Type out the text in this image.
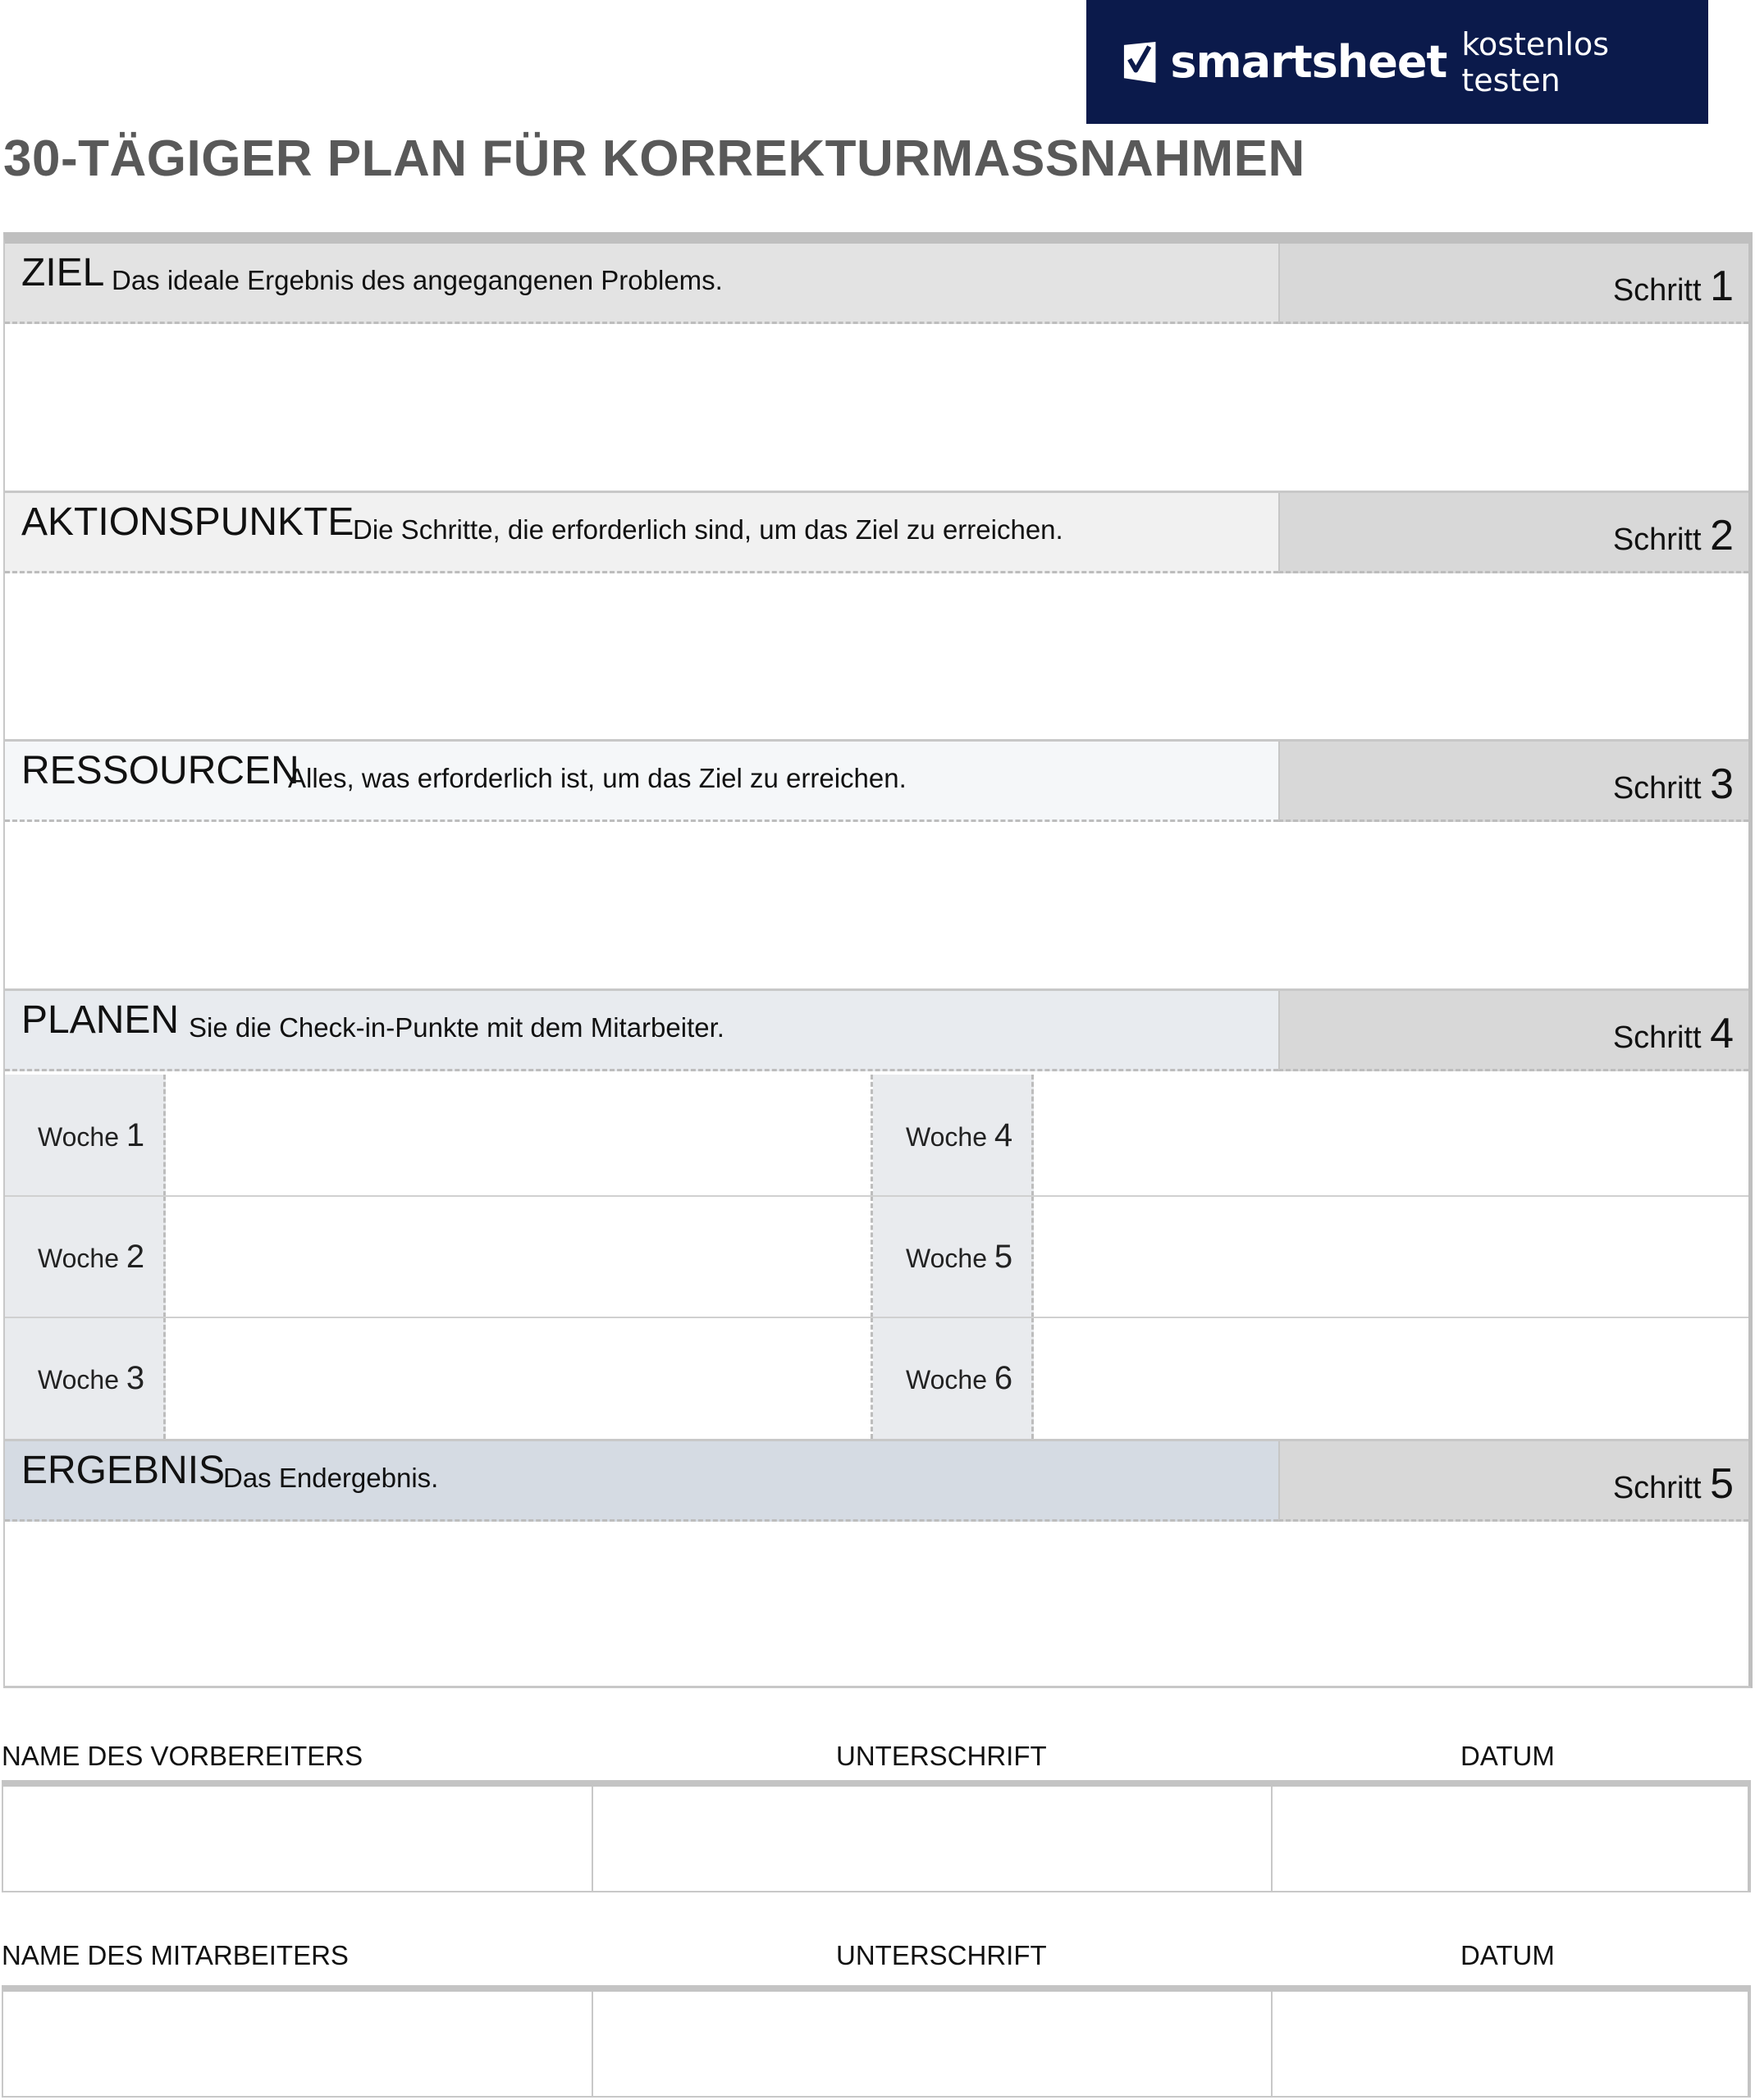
smartsheet kostenlos testen
30-TÄGIGER PLAN FÜR KORREKTURMASSNAHMEN
ZIEL Das ideale Ergebnis des angegangenen Problems.	Schritt 1
AKTIONSPUNKTE
Die Schritte, die erforderlich sind, um das Ziel zu erreichen.	Schritt 2
RESSOURCEN
Alles, was erforderlich ist, um das Ziel zu erreichen.	Schritt 3
PLANEN Sie die Check-in-Punkte mit dem Mitarbeiter.	Schritt 4
Woche 1
Woche 2
Woche 3
Woche 4
Woche 5
Woche 6
ERGEBNIS
Das Endergebnis.	Schritt 5
NAME DES VORBEREITERS	UNTERSCHRIFT	DATUM
NAME DES MITARBEITERS	UNTERSCHRIFT	DATUM
